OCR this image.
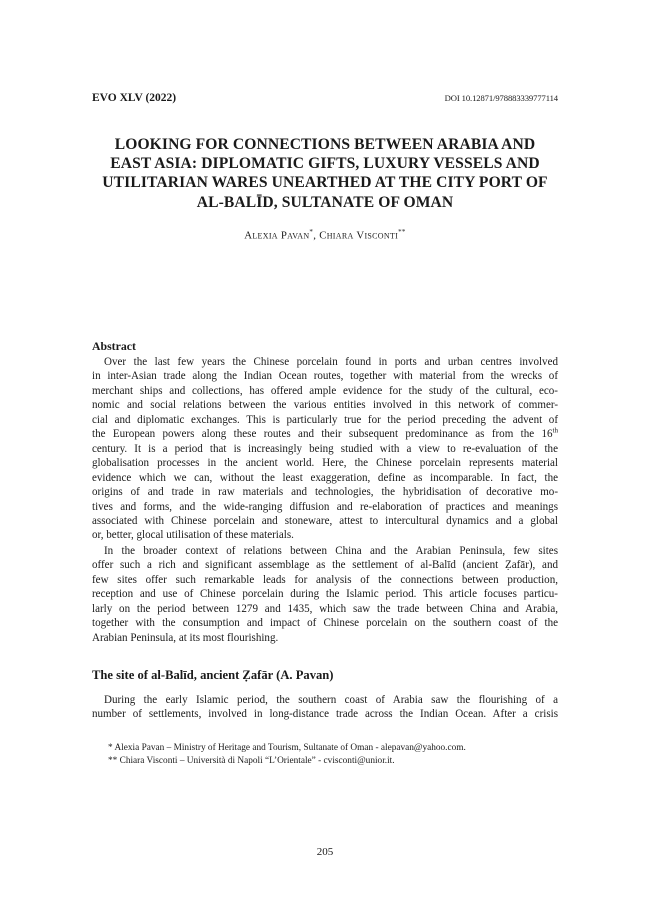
EVO XLV (2022)	DOI 10.12871/978883339777114
LOOKING FOR CONNECTIONS BETWEEN ARABIA AND
EAST ASIA: DIPLOMATIC GIFTS, LUXURY VESSELS AND
UTILITARIAN WARES UNEARTHED AT THE CITY PORT OF
AL-BALĪD, SULTANATE OF OMAN
Alexia Pavan*, Chiara Visconti**
Abstract
Over the last few years the Chinese porcelain found in ports and urban centres involved
in inter-Asian trade along the Indian Ocean routes, together with material from the wrecks of
merchant ships and collections, has offered ample evidence for the study of the cultural, eco-
nomic and social relations between the various entities involved in this network of commer-
cial and diplomatic exchanges. This is particularly true for the period preceding the advent of
the European powers along these routes and their subsequent predominance as from the 16th
century. It is a period that is increasingly being studied with a view to re-evaluation of the
globalisation processes in the ancient world. Here, the Chinese porcelain represents material
evidence which we can, without the least exaggeration, define as incomparable. In fact, the
origins of and trade in raw materials and technologies, the hybridisation of decorative mo-
tives and forms, and the wide-ranging diffusion and re-elaboration of practices and meanings
associated with Chinese porcelain and stoneware, attest to intercultural dynamics and a global
or, better, glocal utilisation of these materials.
In the broader context of relations between China and the Arabian Peninsula, few sites
offer such a rich and significant assemblage as the settlement of al-Balīd (ancient Ẓafār), and
few sites offer such remarkable leads for analysis of the connections between production,
reception and use of Chinese porcelain during the Islamic period. This article focuses particu-
larly on the period between 1279 and 1435, which saw the trade between China and Arabia,
together with the consumption and impact of Chinese porcelain on the southern coast of the
Arabian Peninsula, at its most flourishing.
The site of al-Balīd, ancient Ẓafār (A. Pavan)
During the early Islamic period, the southern coast of Arabia saw the flourishing of a
number of settlements, involved in long-distance trade across the Indian Ocean. After a crisis
* Alexia Pavan – Ministry of Heritage and Tourism, Sultanate of Oman - alepavan@yahoo.com.
** Chiara Visconti – Università di Napoli “L’Orientale” - cvisconti@unior.it.
205
